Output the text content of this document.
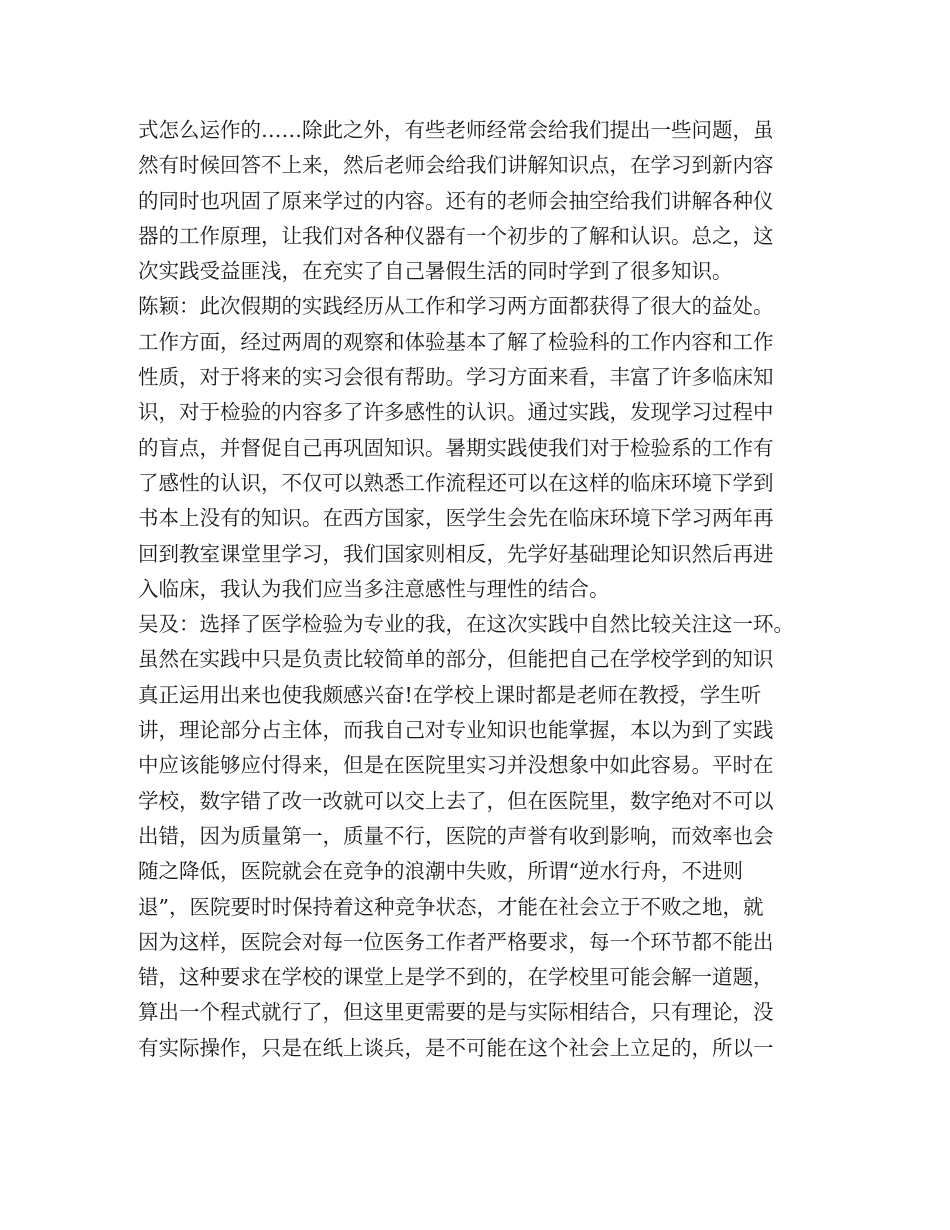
式怎么运作的……除此之外，有些老师经常会给我们提出一些问题，虽
然有时候回答不上来，然后老师会给我们讲解知识点，在学习到新内容
的同时也巩固了原来学过的内容。还有的老师会抽空给我们讲解各种仪
器的工作原理，让我们对各种仪器有一个初步的了解和认识。总之，这
次实践受益匪浅，在充实了自己暑假生活的同时学到了很多知识。
陈颖：此次假期的实践经历从工作和学习两方面都获得了很大的益处。
工作方面，经过两周的观察和体验基本了解了检验科的工作内容和工作
性质，对于将来的实习会很有帮助。学习方面来看，丰富了许多临床知
识，对于检验的内容多了许多感性的认识。通过实践，发现学习过程中
的盲点，并督促自己再巩固知识。暑期实践使我们对于检验系的工作有
了感性的认识，不仅可以熟悉工作流程还可以在这样的临床环境下学到
书本上没有的知识。在西方国家，医学生会先在临床环境下学习两年再
回到教室课堂里学习，我们国家则相反，先学好基础理论知识然后再进
入临床，我认为我们应当多注意感性与理性的结合。
吴及：选择了医学检验为专业的我，在这次实践中自然比较关注这一环。
虽然在实践中只是负责比较简单的部分，但能把自己在学校学到的知识
真正运用出来也使我颇感兴奋!在学校上课时都是老师在教授，学生听
讲，理论部分占主体，而我自己对专业知识也能掌握，本以为到了实践
中应该能够应付得来，但是在医院里实习并没想象中如此容易。平时在
学校，数字错了改一改就可以交上去了，但在医院里，数字绝对不可以
出错，因为质量第一，质量不行，医院的声誉有收到影响，而效率也会
随之降低，医院就会在竞争的浪潮中失败，所谓“逆水行舟，不进则
退”，医院要时时保持着这种竞争状态，才能在社会立于不败之地，就
因为这样，医院会对每一位医务工作者严格要求，每一个环节都不能出
错，这种要求在学校的课堂上是学不到的，在学校里可能会解一道题，
算出一个程式就行了，但这里更需要的是与实际相结合，只有理论，没
有实际操作，只是在纸上谈兵，是不可能在这个社会上立足的，所以一
